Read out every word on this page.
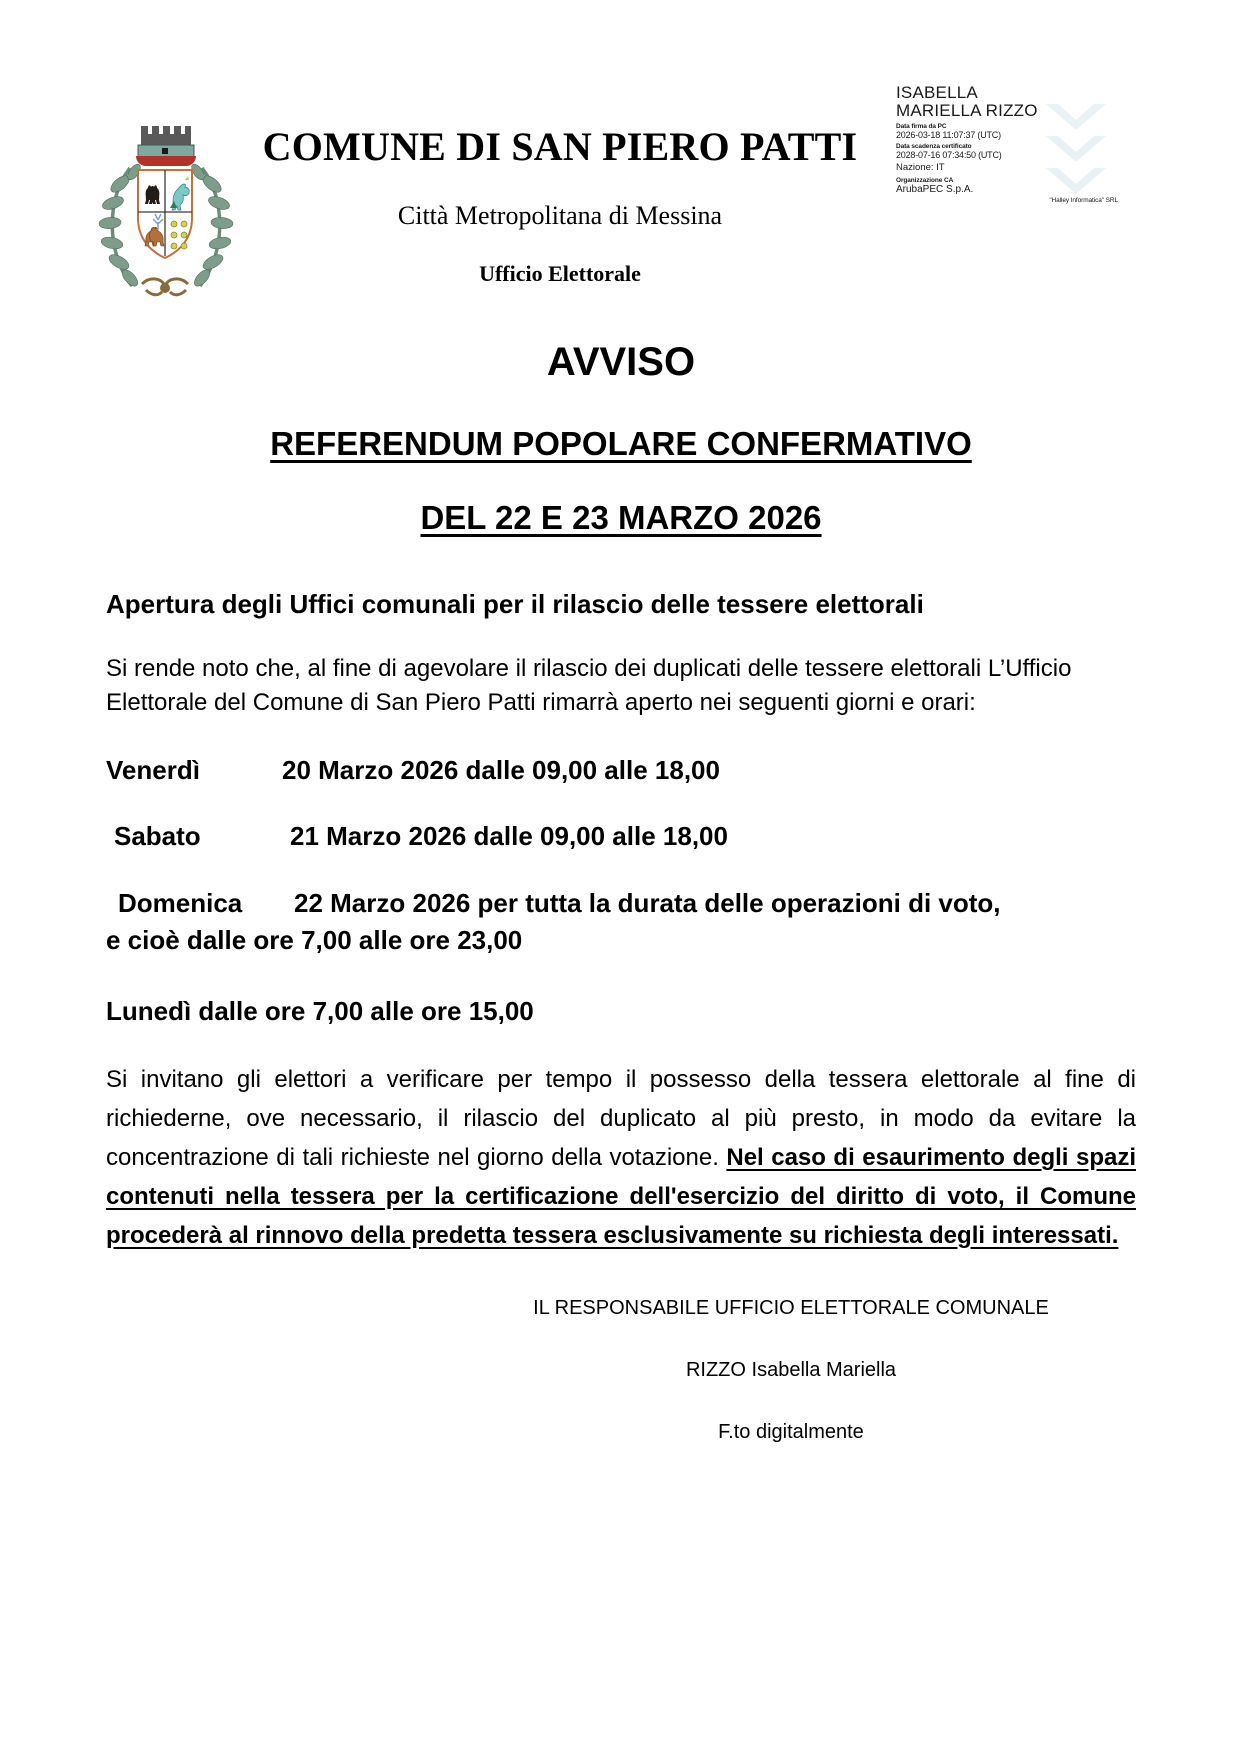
COMUNE DI SAN PIERO PATTI
Città Metropolitana di Messina
Ufficio Elettorale
ISABELLA
MARIELLA RIZZO
Data firma da PC
2026-03-18 11:07:37 (UTC)
Data scadenza certificato
2028-07-16 07:34:50 (UTC)
Nazione: IT
Organizzazione CA
ArubaPEC S.p.A.
"Halley Informatica" SRL
AVVISO
REFERENDUM POPOLARE CONFERMATIVO
DEL 22 E 23 MARZO 2026
Apertura degli Uffici comunali per il rilascio delle tessere elettorali
Si rende noto che, al fine di agevolare il rilascio dei duplicati delle tessere elettorali L’Ufficio Elettorale del Comune di San Piero Patti rimarrà aperto nei seguenti giorni e orari:
Venerdì	20 Marzo 2026 dalle 09,00 alle 18,00
Sabato	21 Marzo 2026 dalle 09,00 alle 18,00
Domenica 22 Marzo 2026 per tutta la durata delle operazioni di voto,
e cioè dalle ore 7,00 alle ore 23,00
Lunedì dalle ore 7,00 alle ore 15,00
Si invitano gli elettori a verificare per tempo il possesso della tessera elettorale al fine di richiederne, ove necessario, il rilascio del duplicato al più presto, in modo da evitare la concentrazione di tali richieste nel giorno della votazione. Nel caso di esaurimento degli spazi contenuti nella tessera per la certificazione dell'esercizio del diritto di voto, il Comune procederà al rinnovo della predetta tessera esclusivamente su richiesta degli interessati.
IL RESPONSABILE UFFICIO ELETTORALE COMUNALE
RIZZO Isabella Mariella
F.to digitalmente
